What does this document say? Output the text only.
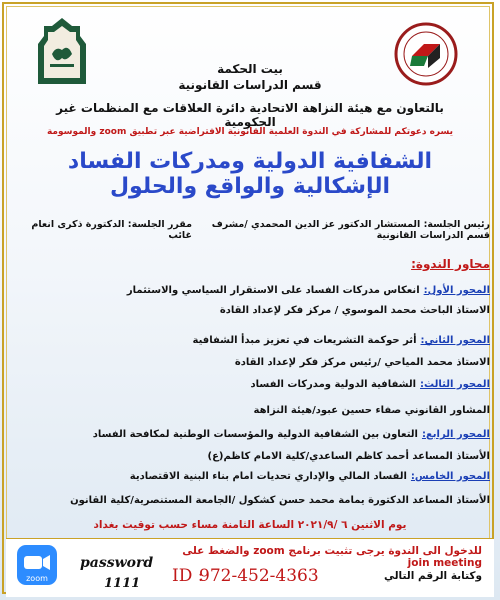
بيت الحكمة
قسم الدراسات القانونية
بالتعاون مع هيئة النزاهة الاتحادية دائرة العلاقات مع المنظمات غير الحكومية
يسره دعوتكم للمشاركة في الندوة العلمية القانونية الافتراضية عبر تطبيق zoom والموسومة
الشفافية الدولية ومدركات الفساد الإشكالية والواقع والحلول
رئيس الجلسة: المستشار الدكتور عز الدين المحمدي /مشرف قسم الدراسات القانونية
مقرر الجلسة: الدكتورة ذكرى انعام غائب
محاور الندوة:
المحور الأول:انعكاس مدركات الفساد على الاستقرار السياسي والاستثمار
الاستاذ الباحث محمد الموسوي / مركز فكر لإعداد القادة
المحور الثاني:أثر حوكمة التشريعات في تعزيز مبدأ الشفافية
الاستاذ محمد المياحي /رئيس مركز فكر لإعداد القادة
المحور الثالث:الشفافية الدولية ومدركات الفساد
المشاور القانوني صفاء حسين عبود/هيئة النزاهة
المحور الرابع:التعاون بين الشفافية الدولية والمؤسسات الوطنية لمكافحة الفساد
الأستاذ المساعد أحمد كاظم الساعدي/كلية الامام كاظم(ع)
المحور الخامس:الفساد المالي والإداري تحديات امام بناء البنية الاقتصادية
الأستاذ المساعد الدكتورة يمامة محمد حسن كشكول /الجامعة المستنصرية/كلية القانون
يوم الاثنين ٦ /٢٠٢١/٩ الساعة الثامنة مساء حسب توقيت بغداد
zoom
password
1111
للدخول الى الندوة يرجى تثبيت برنامج zoom والضغط على join meeting
ID :
972-452-4363	وكتابة الرقم التالي
